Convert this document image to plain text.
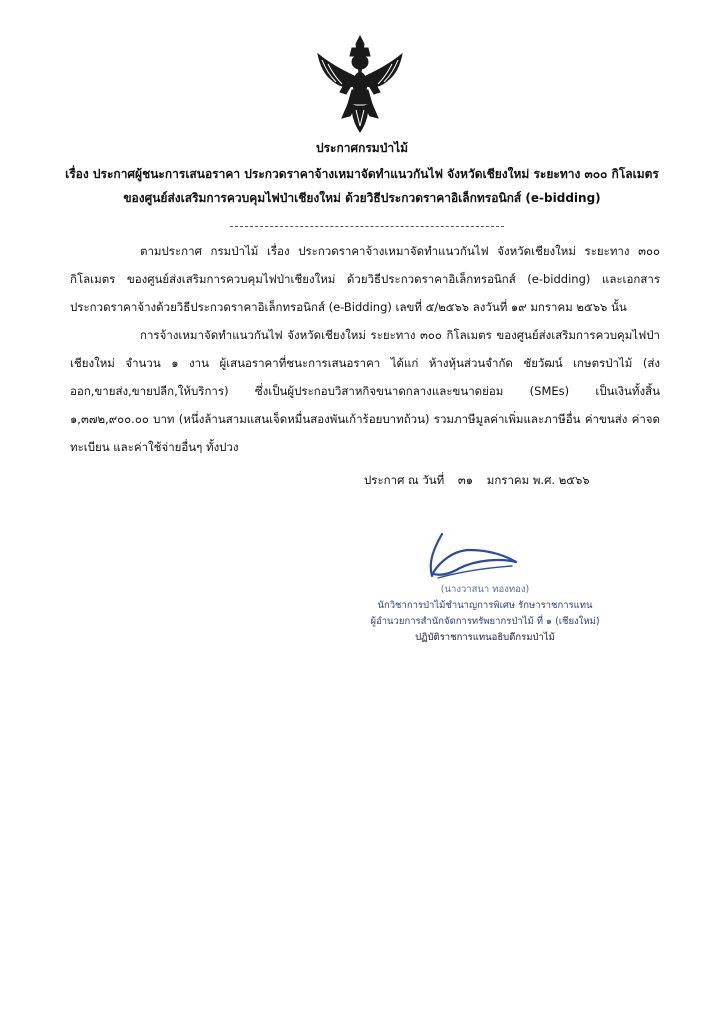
ประกาศกรมป่าไม้
เรื่อง ประกาศผู้ชนะการเสนอราคา ประกวดราคาจ้างเหมาจัดทำแนวกันไฟ จังหวัดเชียงใหม่ ระยะทาง ๓๐๐ กิโลเมตร ของศูนย์ส่งเสริมการควบคุมไฟป่าเชียงใหม่ ด้วยวิธีประกวดราคาอิเล็กทรอนิกส์ (e-bidding)
ตามประกาศ กรมป่าไม้ เรื่อง ประกวดราคาจ้างเหมาจัดทำแนวกันไฟ จังหวัดเชียงใหม่ ระยะทาง ๓๐๐ กิโลเมตร ของศูนย์ส่งเสริมการควบคุมไฟป่าเชียงใหม่ ด้วยวิธีประกวดราคาอิเล็กทรอนิกส์ (e-bidding) และเอกสารประกวดราคาจ้างด้วยวิธีประกวดราคาอิเล็กทรอนิกส์ (e-Bidding) เลขที่ ๕/๒๕๖๖ ลงวันที่ ๑๙ มกราคม ๒๕๖๖ นั้น
การจ้างเหมาจัดทำแนวกันไฟ จังหวัดเชียงใหม่ ระยะทาง ๓๐๐ กิโลเมตร ของศูนย์ส่งเสริมการควบคุมไฟป่าเชียงใหม่ จำนวน ๑ งาน ผู้เสนอราคาที่ชนะการเสนอราคา ได้แก่ ห้างหุ้นส่วนจำกัด ชัยวัฒน์ เกษตรป่าไม้ (ส่งออก,ขายส่ง,ขายปลีก,ให้บริการ) ซึ่งเป็นผู้ประกอบวิสาหกิจขนาดกลางและขนาดย่อม (SMEs) เป็นเงินทั้งสิ้น ๑,๓๗๒,๙๐๐.๐๐ บาท (หนึ่งล้านสามแสนเจ็ดหมื่นสองพันเก้าร้อยบาทถ้วน) รวมภาษีมูลค่าเพิ่มและภาษีอื่น ค่าขนส่ง ค่าจดทะเบียน และค่าใช้จ่ายอื่นๆ ทั้งปวง
ประกาศ ณ วันที่ ๓๑ มกราคม พ.ศ. ๒๕๖๖
(นางวาสนา ทองทอง)
นักวิชาการป่าไม้ชำนาญการพิเศษ รักษาราชการแทน
ผู้อำนวยการสำนักจัดการทรัพยากรป่าไม้ ที่ ๑ (เชียงใหม่)
ปฏิบัติราชการแทนอธิบดีกรมป่าไม้
